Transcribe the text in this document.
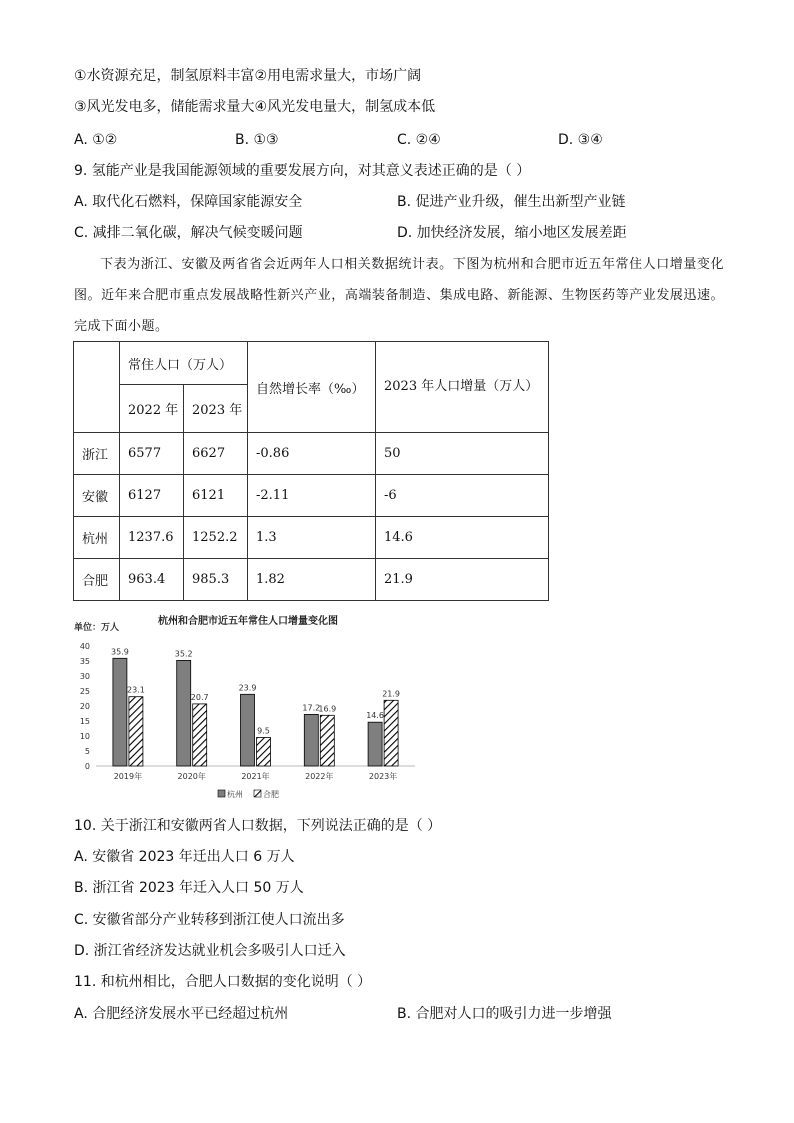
①水资源充足，制氢原料丰富②用电需求量大，市场广阔
③风光发电多，储能需求量大④风光发电量大，制氢成本低
A. ①②	B. ①③	C. ②④	D. ③④
9. 氢能产业是我国能源领域的重要发展方向，对其意义表述正确的是（ ）
A. 取代化石燃料，保障国家能源安全	B. 促进产业升级，催生出新型产业链
C. 减排二氧化碳，解决气候变暖问题	D. 加快经济发展，缩小地区发展差距
下表为浙江、安徽及两省省会近两年人口相关数据统计表。下图为杭州和合肥市近五年常住人口增量变化图。近年来合肥市重点发展战略性新兴产业，高端装备制造、集成电路、新能源、生物医药等产业发展迅速。完成下面小题。
	常住人口（万人）		自然增长率（‰）	2023 年人口增量（万人）
	2022 年	2023 年		
浙江	6577	6627	-0.86	50
安徽	6127	6121	-2.11	-6
杭州	1237.6	1252.2	1.3	14.6
合肥	963.4	985.3	1.82	21.9
单位：万人
杭州和合肥市近五年常住人口增量变化图
0
5
10
15
20
25
30
35
40
35.9
23.1
2019年
35.2
20.7
2020年
23.9
9.5
2021年
17.2
16.9
2022年
14.6
21.9
2023年
杭州	合肥
10. 关于浙江和安徽两省人口数据，下列说法正确的是（ ）
A. 安徽省 2023 年迁出人口 6 万人
B. 浙江省 2023 年迁入人口 50 万人
C. 安徽省部分产业转移到浙江使人口流出多
D. 浙江省经济发达就业机会多吸引人口迁入
11. 和杭州相比，合肥人口数据的变化说明（ ）
A. 合肥经济发展水平已经超过杭州	B. 合肥对人口的吸引力进一步增强
